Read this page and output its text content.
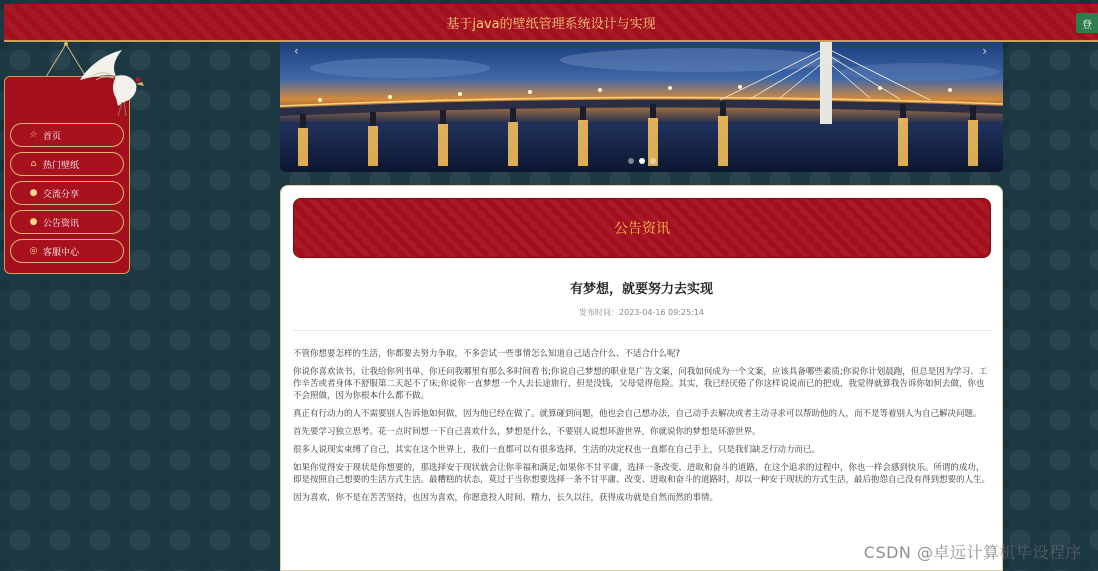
基于java的壁纸管理系统设计与实现	登
☆ 首页
⌂ 热门壁纸
● 交流分享
● 公告资讯
◎ 客服中心
‹	›
公告资讯
有梦想，就要努力去实现
发布时间：2023-04-16 09:25:14

不管你想要怎样的生活，你都要去努力争取，不多尝试一些事情怎么知道自己适合什么、不适合什么呢?

你说你喜欢读书，让我给你列书单，你还问我哪里有那么多时间看书;你说自己梦想的职业是广告文案，问我如何成为一个文案，应该具备哪些素质;你说你计划晨跑，但总是因为学习、工作辛苦或者身体不舒服第二天起不了床;你说你一直梦想一个人去长途旅行，但是没钱，父母觉得危险。其实，我已经厌倦了你这样说说而已的把戏，我觉得就算我告诉你如何去做，你也不会照做，因为你根本什么都不做。

真正有行动力的人不需要别人告诉他如何做，因为他已经在做了。就算碰到问题，他也会自己想办法，自己动手去解决或者主动寻求可以帮助他的人，而不是等着别人为自己解决问题。

首先要学习独立思考。花一点时间想一下自己喜欢什么，梦想是什么，不要别人说想环游世界，你就说你的梦想是环游世界。

很多人说现实束缚了自己，其实在这个世界上，我们一直都可以有很多选择，生活的决定权也一直都在自己手上，只是我们缺乏行动力而已。

如果你觉得安于现状是你想要的，那选择安于现状就会让你幸福和满足;如果你不甘平庸，选择一条改变、进取和奋斗的道路，在这个追求的过程中，你也一样会感到快乐。所谓的成功，即是按照自己想要的生活方式生活。最糟糕的状态，莫过于当你想要选择一条不甘平庸、改变、进取和奋斗的道路时，却以一种安于现状的方式生活，最后抱怨自己没有得到想要的人生。

因为喜欢，你不是在苦苦坚持，也因为喜欢，你愿意投入时间、精力，长久以往，获得成功就是自然而然的事情。

CSDN @卓远计算机毕设程序
